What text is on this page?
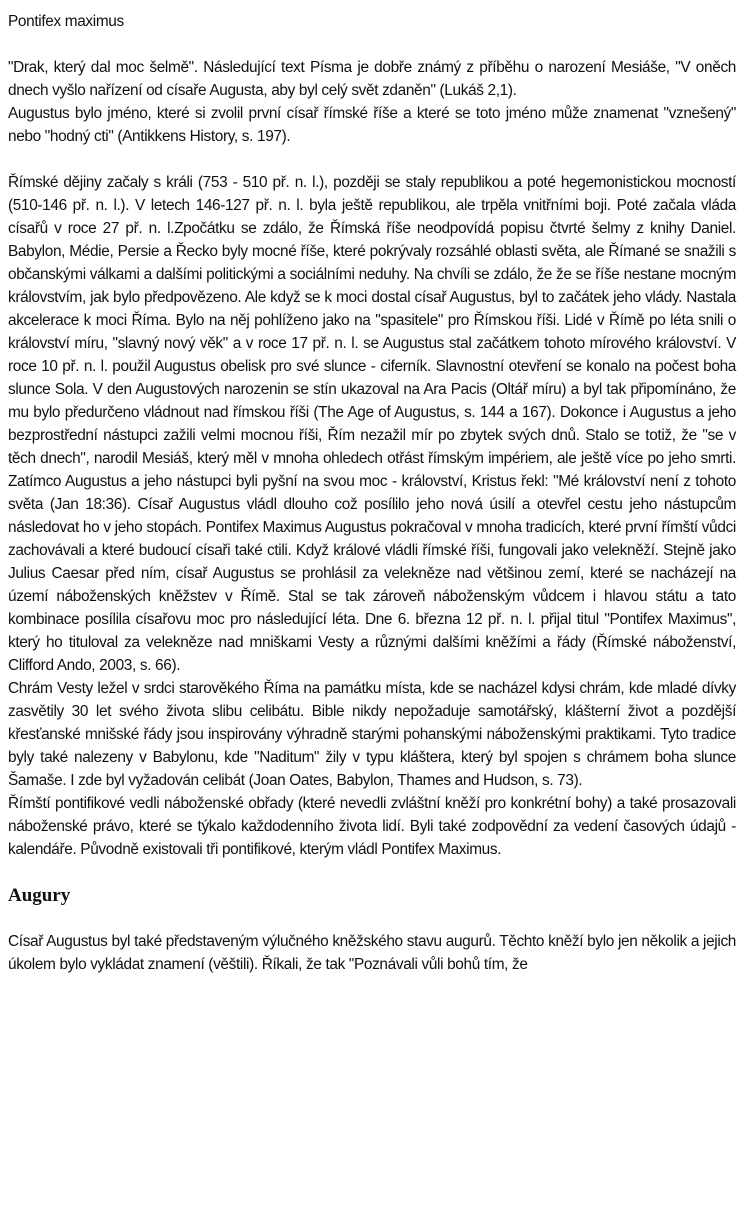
Pontifex maximus

"Drak, který dal moc šelmě". Následující text Písma je dobře známý z příběhu o narození Mesiáše, "V oněch dnech vyšlo nařízení od císaře Augusta, aby byl celý svět zdaněn" (Lukáš 2,1).

Augustus bylo jméno, které si zvolil první císař římské říše a které se toto jméno může znamenat "vznešený" nebo "hodný cti" (Antikkens History, s. 197).

Římské dějiny začaly s králi (753 - 510 př. n. l.), později se staly republikou a poté hegemonistickou mocností (510-146 př. n. l.). V letech 146-127 př. n. l. byla ještě republikou, ale trpěla vnitřními boji. Poté začala vláda císařů v roce 27 př. n. l.Zpočátku se zdálo, že Římská říše neodpovídá popisu čtvrté šelmy z knihy Daniel. Babylon, Médie, Persie a Řecko byly mocné říše, které pokrývaly rozsáhlé oblasti světa, ale Římané se snažili s občanskými válkami a dalšími politickými a sociálními neduhy. Na chvíli se zdálo, že že se říše nestane mocným královstvím, jak bylo předpovězeno. Ale když se k moci dostal císař Augustus, byl to začátek jeho vlády. Nastala akcelerace k moci Říma. Bylo na něj pohlíženo jako na "spasitele" pro Římskou říši. Lidé v Římě po léta snili o království míru, "slavný nový věk" a v roce 17 př. n. l. se Augustus stal začátkem tohoto mírového království. V roce 10 př. n. l. použil Augustus obelisk pro své slunce - ciferník. Slavnostní otevření se konalo na počest boha slunce Sola. V den Augustových narozenin se stín ukazoval na Ara Pacis (Oltář míru) a byl tak připomínáno, že mu bylo předurčeno vládnout nad římskou říši (The Age of Augustus, s. 144 a 167). Dokonce i Augustus a jeho bezprostřední nástupci zažili velmi mocnou říši, Řím nezažil mír po zbytek svých dnů. Stalo se totiž, že "se v těch dnech", narodil Mesiáš, který měl v mnoha ohledech otřást římským impériem, ale ještě více po jeho smrti. Zatímco Augustus a jeho nástupci byli pyšní na svou moc - království, Kristus řekl: "Mé království není z tohoto světa (Jan 18:36). Císař Augustus vládl dlouho což posílilo jeho nová úsilí a otevřel cestu jeho nástupcům následovat ho v jeho stopách. Pontifex Maximus Augustus pokračoval v mnoha tradicích, které první římští vůdci zachovávali a které budoucí císaři také ctili. Když králové vládli římské říši, fungovali jako velekněží. Stejně jako Julius Caesar před ním, císař Augustus se prohlásil za velekněze nad většinou zemí, které se nacházejí na území náboženských kněžstev v Římě. Stal se tak zároveň náboženským vůdcem i hlavou státu a tato kombinace posílila císařovu moc pro následující léta. Dne 6. března 12 př. n. l. přijal titul "Pontifex Maximus", který ho tituloval za velekněze nad mniškami Vesty a různými dalšími kněžími a řády (Římské náboženství, Clifford Ando, 2003, s. 66).

Chrám Vesty ležel v srdci starověkého Říma na památku místa, kde se nacházel kdysi chrám, kde mladé dívky zasvětily 30 let svého života slibu celibátu. Bible nikdy nepožaduje samotářský, klášterní život a pozdější křesťanské mnišské řády jsou inspirovány výhradně starými pohanskými náboženskými praktikami. Tyto tradice byly také nalezeny v Babylonu, kde "Naditum" žily v typu kláštera, který byl spojen s chrámem boha slunce Šamaše. I zde byl vyžadován celibát (Joan Oates, Babylon, Thames and Hudson, s. 73).

Římští pontifikové vedli náboženské obřady (které nevedli zvláštní kněží pro konkrétní bohy) a také prosazovali náboženské právo, které se týkalo každodenního života lidí. Byli také zodpovědní za vedení časových údajů - kalendáře. Původně existovali tři pontifikové, kterým vládl Pontifex Maximus.

Augury

Císař Augustus byl také představeným výlučného kněžského stavu augurů. Těchto kněží bylo jen několik a jejich úkolem bylo vykládat znamení (věštili). Říkali, že tak "Poznávali vůli bohů tím, že
